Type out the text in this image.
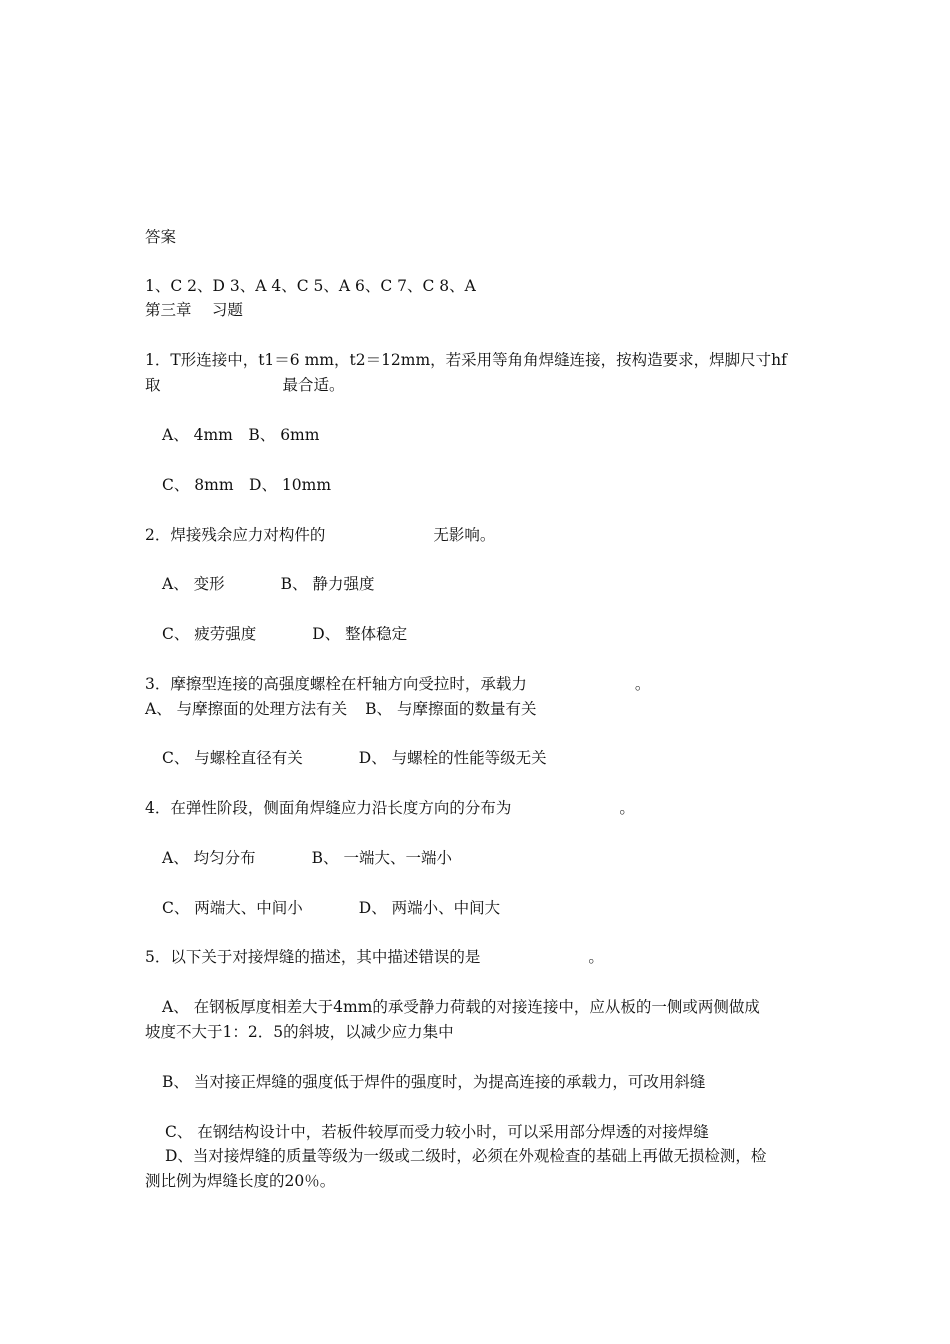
答案
1、C 2、D 3、A 4、C 5、A 6、C 7、C 8、A
第三章　 习题
1．T形连接中，t1＝6 mm，t2＝12mm，若采用等角角焊缝连接，按构造要求，焊脚尺寸hf
取	最合适。
A、 4mm　B、 6mm
C、 8mm　D、 10mm
2．焊接残余应力对构件的	无影响。
A、 变形	B、 静力强度
C、 疲劳强度	D、 整体稳定
3．摩擦型连接的高强度螺栓在杆轴方向受拉时，承载力	。
A、 与摩擦面的处理方法有关 B、 与摩擦面的数量有关
C、 与螺栓直径有关	D、 与螺栓的性能等级无关
4．在弹性阶段，侧面角焊缝应力沿长度方向的分布为	。
A、 均匀分布	B、 一端大、一端小
C、 两端大、中间小	D、 两端小、中间大
5．以下关于对接焊缝的描述，其中描述错误的是	。
A、 在钢板厚度相差大于4mm的承受静力荷载的对接连接中，应从板的一侧或两侧做成
坡度不大于1：2．5的斜坡，以减少应力集中
B、 当对接正焊缝的强度低于焊件的强度时，为提高连接的承载力，可改用斜缝
C、 在钢结构设计中，若板件较厚而受力较小时，可以采用部分焊透的对接焊缝
D、当对接焊缝的质量等级为一级或二级时，必须在外观检查的基础上再做无损检测，检
测比例为焊缝长度的20％。
